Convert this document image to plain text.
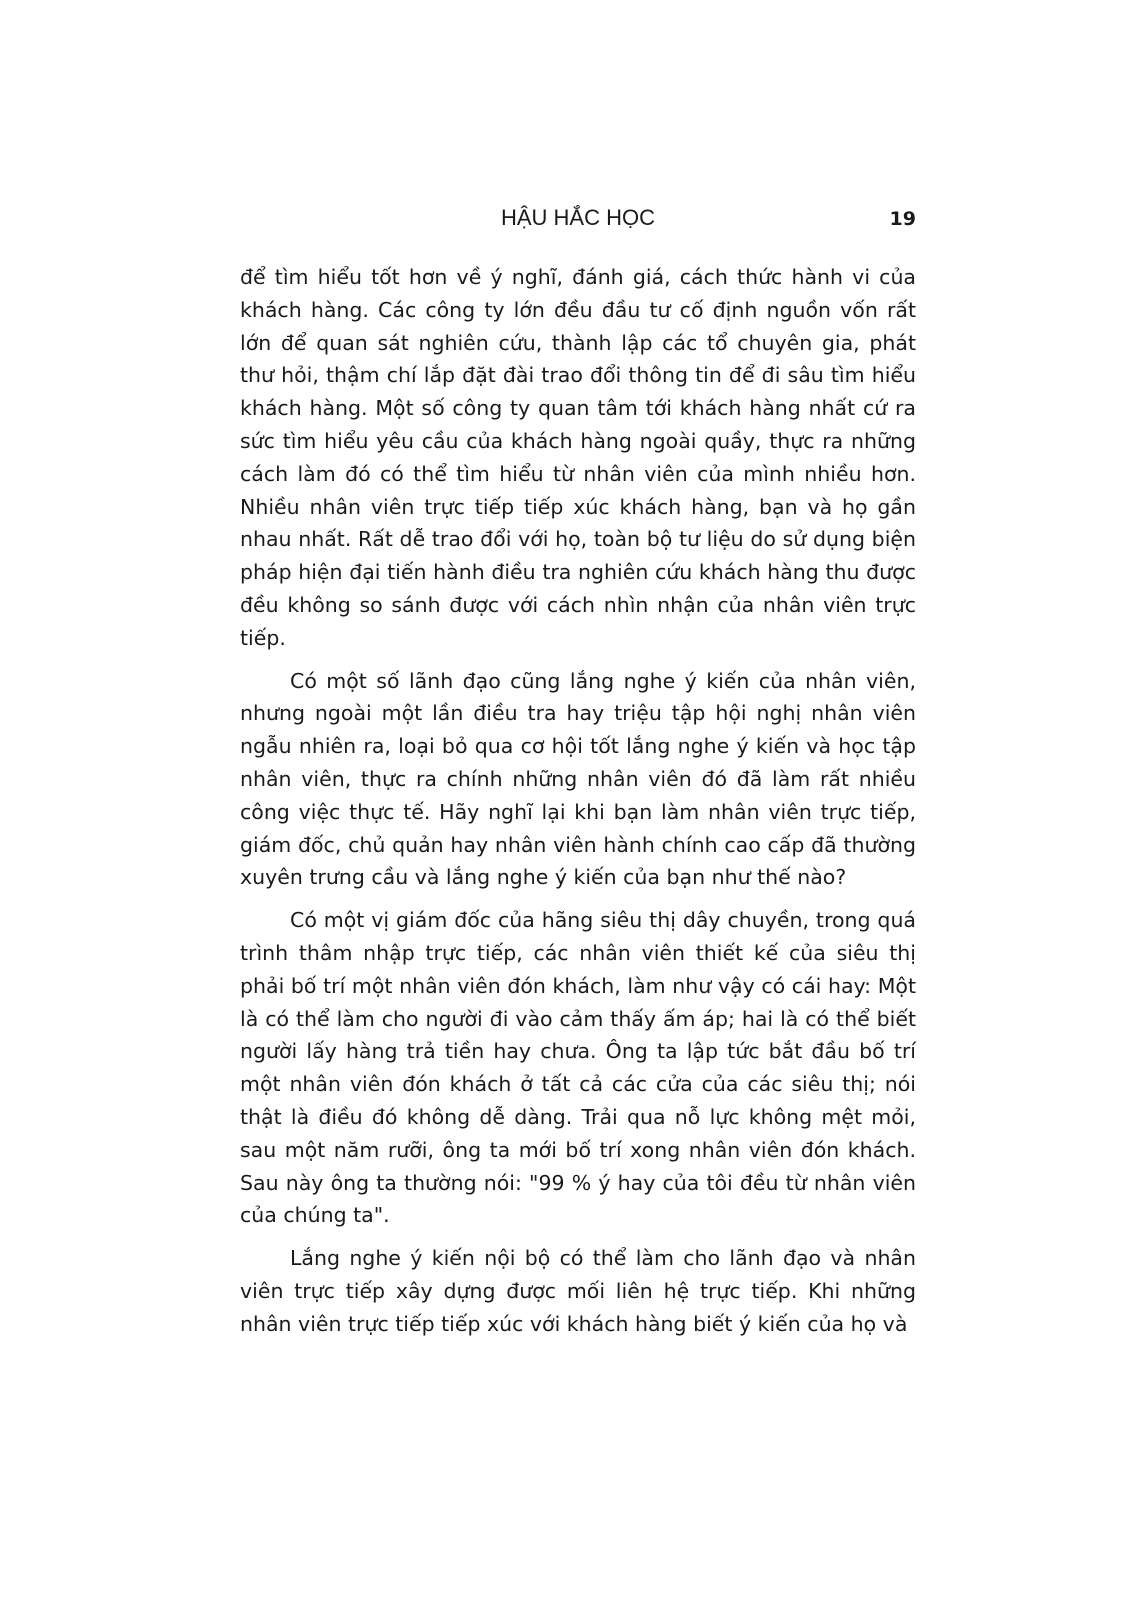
HẬU HẮC HỌC	19

để tìm hiểu tốt hơn về ý nghĩ, đánh giá, cách thức hành vi của khách hàng. Các công ty lớn đều đầu tư cố định nguồn vốn rất lớn để quan sát nghiên cứu, thành lập các tổ chuyên gia, phát thư hỏi, thậm chí lắp đặt đài trao đổi thông tin để đi sâu tìm hiểu khách hàng. Một số công ty quan tâm tới khách hàng nhất cứ ra sức tìm hiểu yêu cầu của khách hàng ngoài quầy, thực ra những cách làm đó có thể tìm hiểu từ nhân viên của mình nhiều hơn. Nhiều nhân viên trực tiếp tiếp xúc khách hàng, bạn và họ gần nhau nhất. Rất dễ trao đổi với họ, toàn bộ tư liệu do sử dụng biện pháp hiện đại tiến hành điều tra nghiên cứu khách hàng thu được đều không so sánh được với cách nhìn nhận của nhân viên trực tiếp.

Có một số lãnh đạo cũng lắng nghe ý kiến của nhân viên, nhưng ngoài một lần điều tra hay triệu tập hội nghị nhân viên ngẫu nhiên ra, loại bỏ qua cơ hội tốt lắng nghe ý kiến và học tập nhân viên, thực ra chính những nhân viên đó đã làm rất nhiều công việc thực tế. Hãy nghĩ lại khi bạn làm nhân viên trực tiếp, giám đốc, chủ quản hay nhân viên hành chính cao cấp đã thường xuyên trưng cầu và lắng nghe ý kiến của bạn như thế nào?

Có một vị giám đốc của hãng siêu thị dây chuyền, trong quá trình thâm nhập trực tiếp, các nhân viên thiết kế của siêu thị phải bố trí một nhân viên đón khách, làm như vậy có cái hay: Một là có thể làm cho người đi vào cảm thấy ấm áp; hai là có thể biết người lấy hàng trả tiền hay chưa. Ông ta lập tức bắt đầu bố trí một nhân viên đón khách ở tất cả các cửa của các siêu thị; nói thật là điều đó không dễ dàng. Trải qua nỗ lực không mệt mỏi, sau một năm rưỡi, ông ta mới bố trí xong nhân viên đón khách. Sau này ông ta thường nói: "99 % ý hay của tôi đều từ nhân viên của chúng ta".

Lắng nghe ý kiến nội bộ có thể làm cho lãnh đạo và nhân viên trực tiếp xây dựng được mối liên hệ trực tiếp. Khi những nhân viên trực tiếp tiếp xúc với khách hàng biết ý kiến của họ và
